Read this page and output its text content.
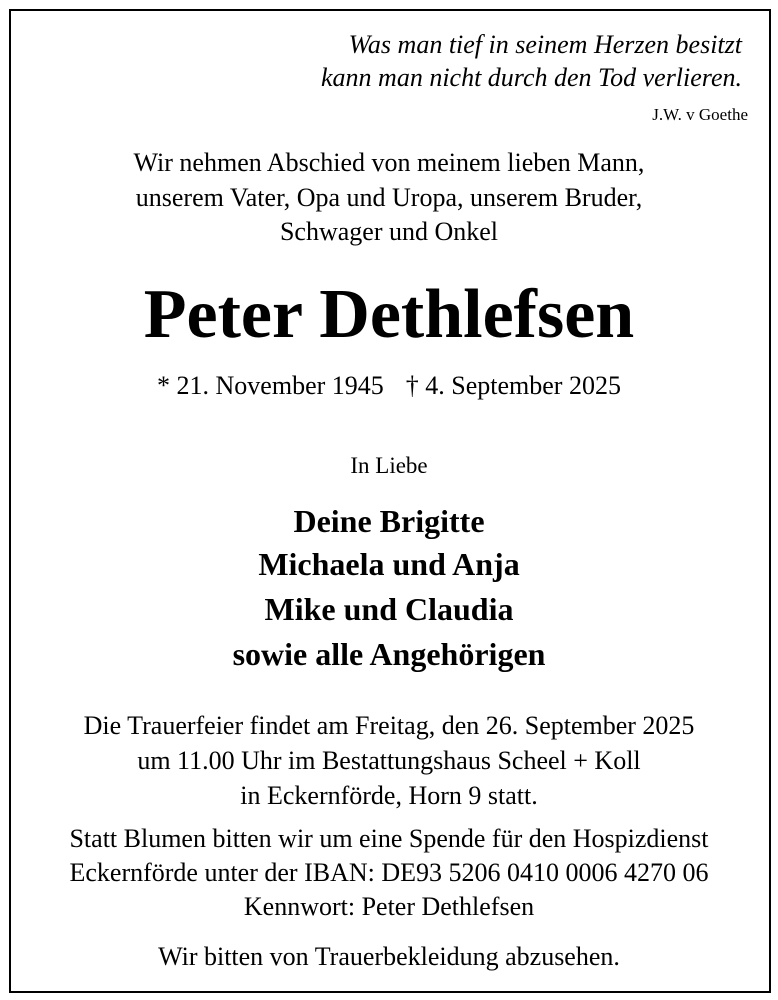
Was man tief in seinem Herzen besitzt
kann man nicht durch den Tod verlieren.
J.W. v Goethe
Wir nehmen Abschied von meinem lieben Mann,
unserem Vater, Opa und Uropa, unserem Bruder,
Schwager und Onkel
Peter Dethlefsen
* 21. November 1945 † 4. September 2025
In Liebe
Deine Brigitte
Michaela und Anja
Mike und Claudia
sowie alle Angehörigen
Die Trauerfeier findet am Freitag, den 26. September 2025
um 11.00 Uhr im Bestattungshaus Scheel + Koll
in Eckernförde, Horn 9 statt.
Statt Blumen bitten wir um eine Spende für den Hospizdienst
Eckernförde unter der IBAN: DE93 5206 0410 0006 4270 06
Kennwort: Peter Dethlefsen
Wir bitten von Trauerbekleidung abzusehen.
